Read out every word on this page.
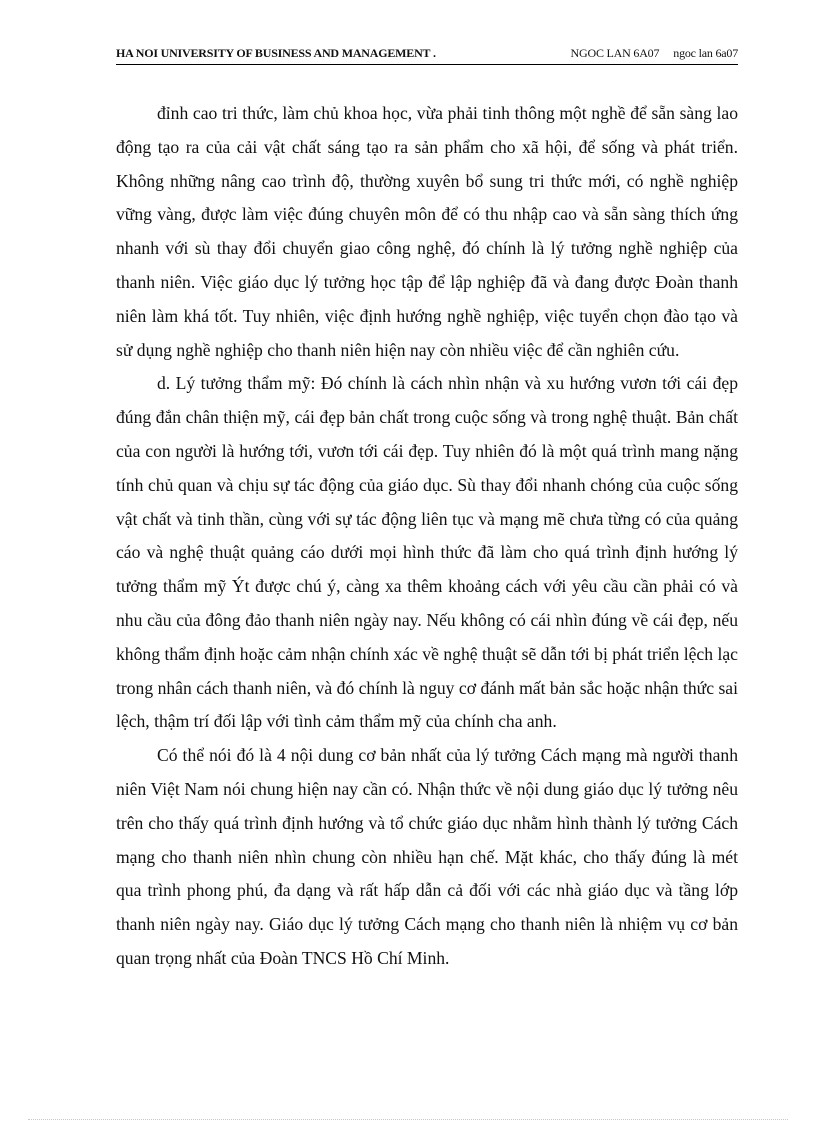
HA NOI UNIVERSITY OF BUSINESS AND MANAGEMENT .	NGOC LAN 6A07 ngoc lan 6a07

đỉnh cao tri thức, làm chủ khoa học, vừa phải tinh thông một nghề để sẵn sàng lao động tạo ra của cải vật chất sáng tạo ra sản phẩm cho xã hội, để sống và phát triển. Không những nâng cao trình độ, thường xuyên bổ sung tri thức mới, có nghề nghiệp vững vàng, được làm việc đúng chuyên môn để có thu nhập cao và sẵn sàng thích ứng nhanh với sù thay đổi chuyển giao công nghệ, đó chính là lý tưởng nghề nghiệp của thanh niên. Việc giáo dục lý tưởng học tập để lập nghiệp đã và đang được Đoàn thanh niên làm khá tốt. Tuy nhiên, việc định hướng nghề nghiệp, việc tuyển chọn đào tạo và sử dụng nghề nghiệp cho thanh niên hiện nay còn nhiều việc để cần nghiên cứu.

d. Lý tưởng thẩm mỹ: Đó chính là cách nhìn nhận và xu hướng vươn tới cái đẹp đúng đắn chân thiện mỹ, cái đẹp bản chất trong cuộc sống và trong nghệ thuật. Bản chất của con người là hướng tới, vươn tới cái đẹp. Tuy nhiên đó là một quá trình mang nặng tính chủ quan và chịu sự tác động của giáo dục. Sù thay đổi nhanh chóng của cuộc sống vật chất và tinh thần, cùng với sự tác động liên tục và mạng mẽ chưa từng có của quảng cáo và nghệ thuật quảng cáo dưới mọi hình thức đã làm cho quá trình định hướng lý tưởng thẩm mỹ Ýt được chú ý, càng xa thêm khoảng cách với yêu cầu cần phải có và nhu cầu của đông đảo thanh niên ngày nay. Nếu không có cái nhìn đúng về cái đẹp, nếu không thẩm định hoặc cảm nhận chính xác về nghệ thuật sẽ dẫn tới bị phát triển lệch lạc trong nhân cách thanh niên, và đó chính là nguy cơ đánh mất bản sắc hoặc nhận thức sai lệch, thậm trí đối lập với tình cảm thẩm mỹ của chính cha anh.

Có thể nói đó là 4 nội dung cơ bản nhất của lý tưởng Cách mạng mà người thanh niên Việt Nam nói chung hiện nay cần có. Nhận thức về nội dung giáo dục lý tưởng nêu trên cho thấy quá trình định hướng và tổ chức giáo dục nhằm hình thành lý tưởng Cách mạng cho thanh niên nhìn chung còn nhiều hạn chế. Mặt khác, cho thấy đúng là mét qua trình phong phú, đa dạng và rất hấp dẫn cả đối với các nhà giáo dục và tầng lớp thanh niên ngày nay. Giáo dục lý tưởng Cách mạng cho thanh niên là nhiệm vụ cơ bản quan trọng nhất của Đoàn TNCS Hồ Chí Minh.
